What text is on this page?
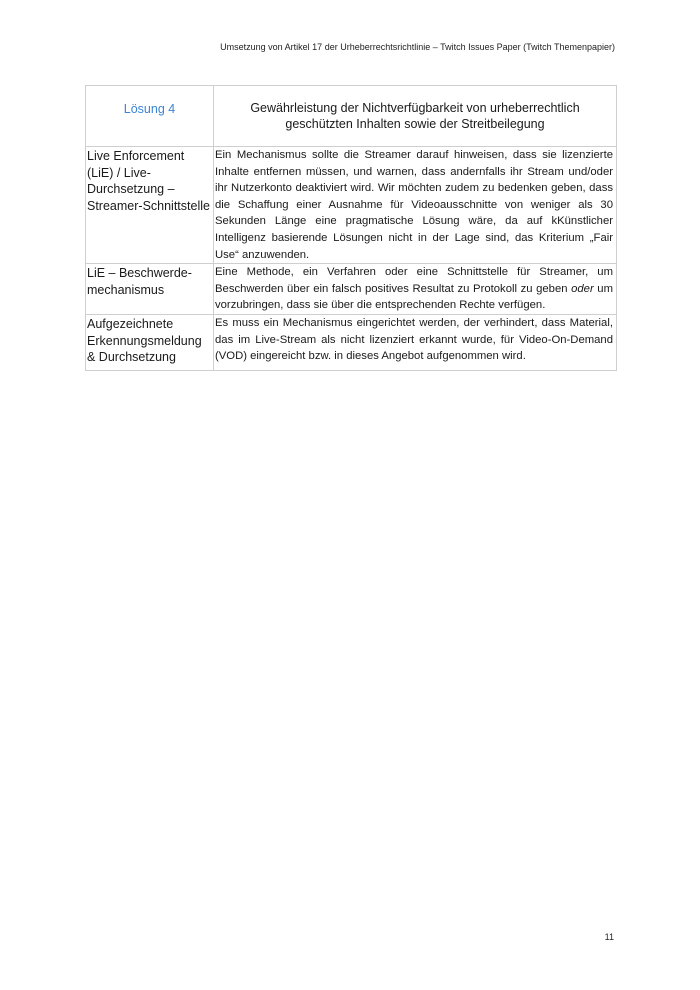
Umsetzung von Artikel 17 der Urheberrechtsrichtlinie – Twitch Issues Paper (Twitch Themenpapier)
Lösung 4	Gewährleistung der Nichtverfügbarkeit von urheberrechtlich geschützten Inhalten sowie der Streitbeilegung
Live Enforcement (LiE) / Live-Durchsetzung – Streamer-Schnittstelle	Ein Mechanismus sollte die Streamer darauf hinweisen, dass sie lizenzierte Inhalte entfernen müssen, und warnen, dass andernfalls ihr Stream und/oder ihr Nutzerkonto deaktiviert wird. Wir möchten zudem zu bedenken geben, dass die Schaffung einer Ausnahme für Videoausschnitte von weniger als 30 Sekunden Länge eine pragmatische Lösung wäre, da auf kKünstlicher Intelligenz basierende Lösungen nicht in der Lage sind, das Kriterium „Fair Use“ anzuwenden.
LiE – Beschwerde-mechanismus	Eine Methode, ein Verfahren oder eine Schnittstelle für Streamer, um Beschwerden über ein falsch positives Resultat zu Protokoll zu geben oder um vorzubringen, dass sie über die entsprechenden Rechte verfügen.
Aufgezeichnete Erkennungsmeldung & Durchsetzung	Es muss ein Mechanismus eingerichtet werden, der verhindert, dass Material, das im Live-Stream als nicht lizenziert erkannt wurde, für Video-On-Demand (VOD) eingereicht bzw. in dieses Angebot aufgenommen wird.
11
